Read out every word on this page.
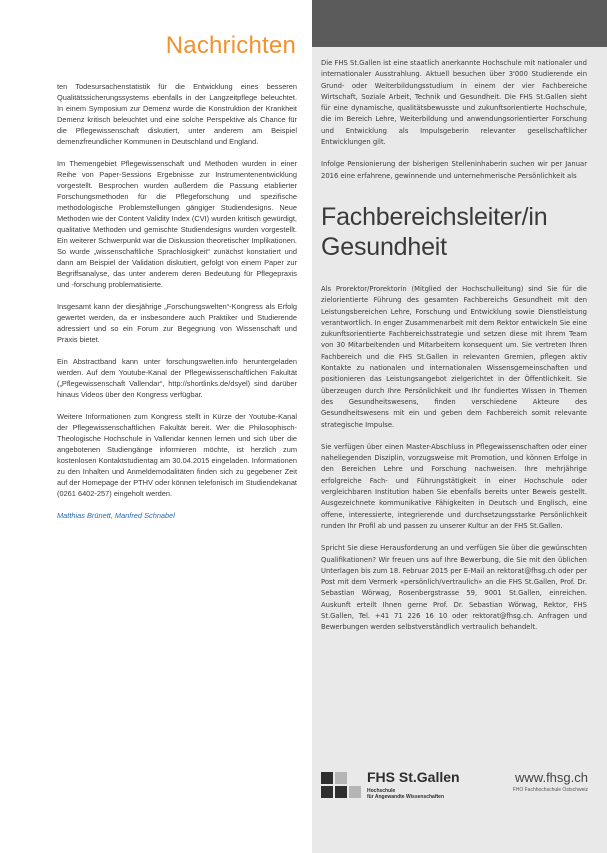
Nachrichten

ten Todesursachenstatistik für die Entwicklung eines besseren Qualitätssicherungssystems ebenfalls in der Langzeitpflege beleuchtet. In einem Symposium zur Demenz wurde die Konstruktion der Krankheit Demenz kritisch beleuchtet und eine solche Perspektive als Chance für die Pflegewissenschaft diskutiert, unter anderem am Beispiel demenzfreundlicher Kommunen in Deutschland und England.

Im Themengebiet Pflegewissenschaft und Methoden wurden in einer Reihe von Paper-Sessions Ergebnisse zur Instrumentenentwicklung vorgestellt. Besprochen wurden außerdem die Passung etablierter Forschungsmethoden für die Pflegeforschung und spezifische methodologische Problemstellungen gängiger Studiendesigns. Neue Methoden wie der Content Validity Index (CVI) wurden kritisch gewürdigt, qualitative Methoden und gemischte Studiendesigns wurden vorgestellt. Ein weiterer Schwerpunkt war die Diskussion theoretischer Implikationen. So wurde „wissenschaftliche Sprachlosigkeit“ zunächst konstatiert und dann am Beispiel der Validation diskutiert, gefolgt von einem Paper zur Begriffsanalyse, das unter anderem deren Bedeutung für Pflegepraxis und -forschung problematisierte.

Insgesamt kann der diesjährige „Forschungswelten“-Kongress als Erfolg gewertet werden, da er insbesondere auch Praktiker und Studierende adressiert und so ein Forum zur Begegnung von Wissenschaft und Praxis bietet.

Ein Abstractband kann unter forschungswelten.info heruntergeladen werden. Auf dem Youtube-Kanal der Pflegewissenschaftlichen Fakultät („Pflegewissenschaft Vallendar“, http://shortlinks.de/dsyel) sind darüber hinaus Videos über den Kongress verfügbar.

Weitere Informationen zum Kongress stellt in Kürze der Youtube-Kanal der Pflegewissenschaftlichen Fakultät bereit. Wer die Philosophisch-Theologische Hochschule in Vallendar kennen lernen und sich über die angebotenen Studiengänge informieren möchte, ist herzlich zum kostenlosen Kontaktstudientag am 30.04.2015 eingeladen. Informationen zu den Inhalten und Anmeldemodalitäten finden sich zu gegebener Zeit auf der Homepage der PTHV oder können telefonisch im Studiendekanat (0261 6402-257) eingeholt werden.

Matthias Brünett, Manfred Schnabel

Die FHS St.Gallen ist eine staatlich anerkannte Hochschule mit nationaler und internationaler Ausstrahlung. Aktuell besuchen über 3'000 Studierende ein Grund- oder Weiterbildungsstudium in einem der vier Fachbereiche Wirtschaft, Soziale Arbeit, Technik und Gesundheit. Die FHS St.Gallen sieht für eine dynamische, qualitätsbewusste und zukunftsorientierte Hochschule, die im Bereich Lehre, Weiterbildung und anwendungsorientierter Forschung und Entwicklung als Impulsgeberin relevanter gesellschaftlicher Entwicklungen gilt.

Infolge Pensionierung der bisherigen Stelleninhaberin suchen wir per Januar 2016 eine erfahrene, gewinnende und unternehmerische Persönlichkeit als

Fachbereichsleiter/in Gesundheit

Als Prorektor/Prorektorin (Mitglied der Hochschulleitung) sind Sie für die zielorientierte Führung des gesamten Fachbereichs Gesundheit mit den Leistungsbereichen Lehre, Forschung und Entwicklung sowie Dienstleistung verantwortlich. In enger Zusammenarbeit mit dem Rektor entwickeln Sie eine zukunftsorientierte Fachbereichsstrategie und setzen diese mit Ihrem Team von 30 Mitarbeitenden und Mitarbeitern konsequent um. Sie vertreten Ihren Fachbereich und die FHS St.Gallen in relevanten Gremien, pflegen aktiv Kontakte zu nationalen und internationalen Wissensgemeinschaften und positionieren das Leistungsangebot zielgerichtet in der Öffentlichkeit. Sie überzeugen durch Ihre Persönlichkeit und Ihr fundiertes Wissen in Themen des Gesundheitswesens, finden verschiedene Akteure des Gesundheitswesens mit ein und geben dem Fachbereich somit relevante strategische Impulse.

Sie verfügen über einen Master-Abschluss in Pflegewissenschaften oder einer naheliegenden Disziplin, vorzugsweise mit Promotion, und können Erfolge in den Bereichen Lehre und Forschung nachweisen. Ihre mehrjährige erfolgreiche Fach- und Führungstätigkeit in einer Hochschule oder vergleichbaren Institution haben Sie ebenfalls bereits unter Beweis gestellt. Ausgezeichnete kommunikative Fähigkeiten in Deutsch und Englisch, eine offene, interessierte, integrierende und durchsetzungsstarke Persönlichkeit runden Ihr Profil ab und passen zu unserer Kultur an der FHS St.Gallen.

Spricht Sie diese Herausforderung an und verfügen Sie über die gewünschten Qualifikationen? Wir freuen uns auf Ihre Bewerbung, die Sie mit den üblichen Unterlagen bis zum 18. Februar 2015 per E-Mail an rektorat@fhsg.ch oder per Post mit dem Vermerk «persönlich/vertraulich» an die FHS St.Gallen, Prof. Dr. Sebastian Wörwag, Rosenbergstrasse 59, 9001 St.Gallen, einreichen. Auskunft erteilt Ihnen gerne Prof. Dr. Sebastian Wörwag, Rektor, FHS St.Gallen, Tel. +41 71 226 16 10 oder rektorat@fhsg.ch. Anfragen und Bewerbungen werden selbstverständlich vertraulich behandelt.

FHS St.Gallen
Hochschule
für Angewandte Wissenschaften
www.fhsg.ch
FHO Fachhochschule Ostschweiz
